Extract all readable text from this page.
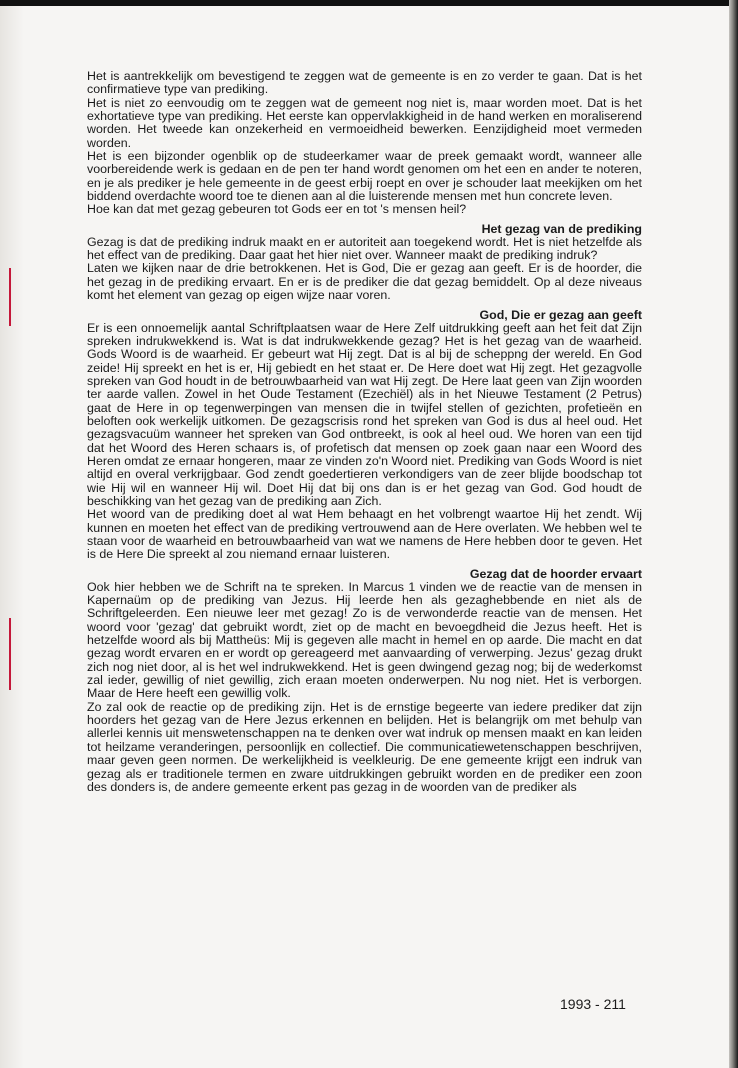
Het is aantrekkelijk om bevestigend te zeggen wat de gemeente is en zo verder te gaan. Dat is het confirmatieve type van prediking.

Het is niet zo eenvoudig om te zeggen wat de gemeent nog niet is, maar worden moet. Dat is het exhortatieve type van prediking. Het eerste kan oppervlakkigheid in de hand werken en moraliserend worden. Het tweede kan onzekerheid en vermoeidheid bewerken. Eenzijdigheid moet vermeden worden.

Het is een bijzonder ogenblik op de studeerkamer waar de preek gemaakt wordt, wanneer alle voorbereidende werk is gedaan en de pen ter hand wordt genomen om het een en ander te noteren, en je als prediker je hele gemeente in de geest erbij roept en over je schouder laat meekijken om het biddend overdachte woord toe te dienen aan al die luisterende mensen met hun concrete leven.

Hoe kan dat met gezag gebeuren tot Gods eer en tot 's mensen heil?

Het gezag van de prediking

Gezag is dat de prediking indruk maakt en er autoriteit aan toegekend wordt. Het is niet hetzelfde als het effect van de prediking. Daar gaat het hier niet over. Wanneer maakt de prediking indruk?

Laten we kijken naar de drie betrokkenen. Het is God, Die er gezag aan geeft. Er is de hoorder, die het gezag in de prediking ervaart. En er is de prediker die dat gezag bemiddelt. Op al deze niveaus komt het element van gezag op eigen wijze naar voren.

God, Die er gezag aan geeft

Er is een onnoemelijk aantal Schriftplaatsen waar de Here Zelf uitdrukking geeft aan het feit dat Zijn spreken indrukwekkend is. Wat is dat indrukwekkende gezag? Het is het gezag van de waarheid. Gods Woord is de waarheid. Er gebeurt wat Hij zegt. Dat is al bij de scheppng der wereld. En God zeide! Hij spreekt en het is er, Hij gebiedt en het staat er. De Here doet wat Hij zegt. Het gezagvolle spreken van God houdt in de betrouwbaarheid van wat Hij zegt. De Here laat geen van Zijn woorden ter aarde vallen. Zowel in het Oude Testament (Ezechiël) als in het Nieuwe Testament (2 Petrus) gaat de Here in op tegenwerpingen van mensen die in twijfel stellen of gezichten, profetieën en beloften ook werkelijk uitkomen. De gezagscrisis rond het spreken van God is dus al heel oud. Het gezagsvacuüm wanneer het spreken van God ontbreekt, is ook al heel oud. We horen van een tijd dat het Woord des Heren schaars is, of profetisch dat mensen op zoek gaan naar een Woord des Heren omdat ze ernaar hongeren, maar ze vinden zo'n Woord niet. Prediking van Gods Woord is niet altijd en overal verkrijgbaar. God zendt goedertieren verkondigers van de zeer blijde boodschap tot wie Hij wil en wanneer Hij wil. Doet Hij dat bij ons dan is er het gezag van God. God houdt de beschikking van het gezag van de prediking aan Zich.

Het woord van de prediking doet al wat Hem behaagt en het volbrengt waartoe Hij het zendt. Wij kunnen en moeten het effect van de prediking vertrouwend aan de Here overlaten. We hebben wel te staan voor de waarheid en betrouwbaarheid van wat we namens de Here hebben door te geven. Het is de Here Die spreekt al zou niemand ernaar luisteren.

Gezag dat de hoorder ervaart

Ook hier hebben we de Schrift na te spreken. In Marcus 1 vinden we de reactie van de mensen in Kapernaüm op de prediking van Jezus. Hij leerde hen als gezaghebbende en niet als de Schriftgeleerden. Een nieuwe leer met gezag! Zo is de verwonderde reactie van de mensen. Het woord voor 'gezag' dat gebruikt wordt, ziet op de macht en bevoegdheid die Jezus heeft. Het is hetzelfde woord als bij Mattheüs: Mij is gegeven alle macht in hemel en op aarde. Die macht en dat gezag wordt ervaren en er wordt op gereageerd met aanvaarding of verwerping. Jezus' gezag drukt zich nog niet door, al is het wel indrukwekkend. Het is geen dwingend gezag nog; bij de wederkomst zal ieder, gewillig of niet gewillig, zich eraan moeten onderwerpen. Nu nog niet. Het is verborgen. Maar de Here heeft een gewillig volk.

Zo zal ook de reactie op de prediking zijn. Het is de ernstige begeerte van iedere prediker dat zijn hoorders het gezag van de Here Jezus erkennen en belijden. Het is belangrijk om met behulp van allerlei kennis uit menswetenschappen na te denken over wat indruk op mensen maakt en kan leiden tot heilzame veranderingen, persoonlijk en collectief. Die communicatiewetenschappen beschrijven, maar geven geen normen. De werkelijkheid is veelkleurig. De ene gemeente krijgt een indruk van gezag als er traditionele termen en zware uitdrukkingen gebruikt worden en de prediker een zoon des donders is, de andere gemeente erkent pas gezag in de woorden van de prediker als

1993 - 211
